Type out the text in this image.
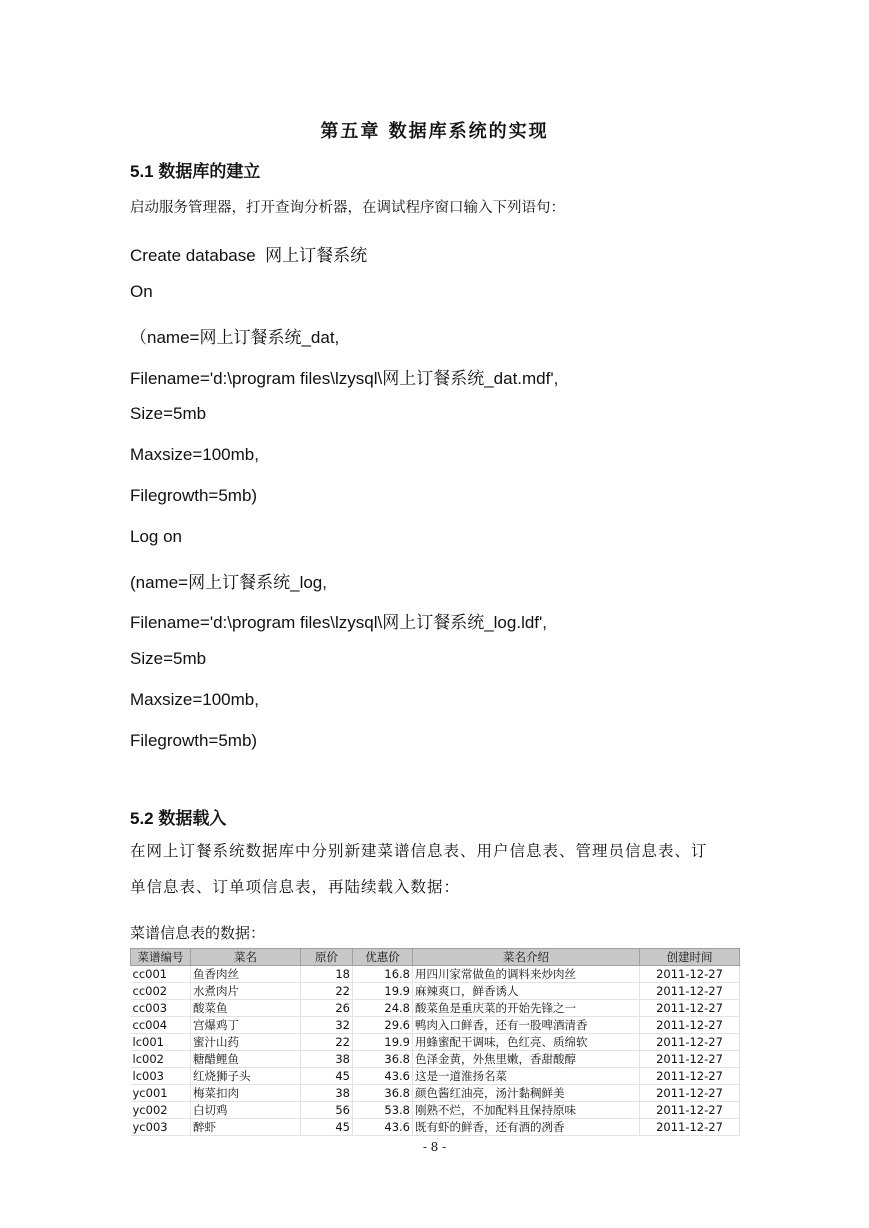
第五章 数据库系统的实现
5.1 数据库的建立
启动服务管理器，打开查询分析器，在调试程序窗口输入下列语句：
Create database  网上订餐系统
On
（name=网上订餐系统_dat,
Filename='d:\program files\lzysql\网上订餐系统_dat.mdf',
Size=5mb
Maxsize=100mb,
Filegrowth=5mb)
Log on
(name=网上订餐系统_log,
Filename='d:\program files\lzysql\网上订餐系统_log.ldf',
Size=5mb
Maxsize=100mb,
Filegrowth=5mb)
5.2 数据载入
在网上订餐系统数据库中分别新建菜谱信息表、用户信息表、管理员信息表、订
单信息表、订单项信息表，再陆续载入数据：
菜谱信息表的数据：
菜谱编号	菜名	原价	优惠价	菜名介绍	创建时间
cc001	鱼香肉丝	18	16.8	用四川家常做鱼的调料来炒肉丝	2011-12-27
cc002	水煮肉片	22	19.9	麻辣爽口，鲜香诱人	2011-12-27
cc003	酸菜鱼	26	24.8	酸菜鱼是重庆菜的开始先锋之一	2011-12-27
cc004	宫爆鸡丁	32	29.6	鸭肉入口鲜香，还有一股啤酒清香	2011-12-27
lc001	蜜汁山药	22	19.9	用蜂蜜配干调味，色红亮、质绵软	2011-12-27
lc002	糖醋鲤鱼	38	36.8	色泽金黄，外焦里嫩，香甜酸醇	2011-12-27
lc003	红烧狮子头	45	43.6	这是一道淮扬名菜	2011-12-27
yc001	梅菜扣肉	38	36.8	颜色酱红油亮，汤汁黏稠鲜美	2011-12-27
yc002	白切鸡	56	53.8	刚熟不烂，不加配料且保持原味	2011-12-27
yc003	醉虾	45	43.6	既有虾的鲜香，还有酒的冽香	2011-12-27
- 8 -
